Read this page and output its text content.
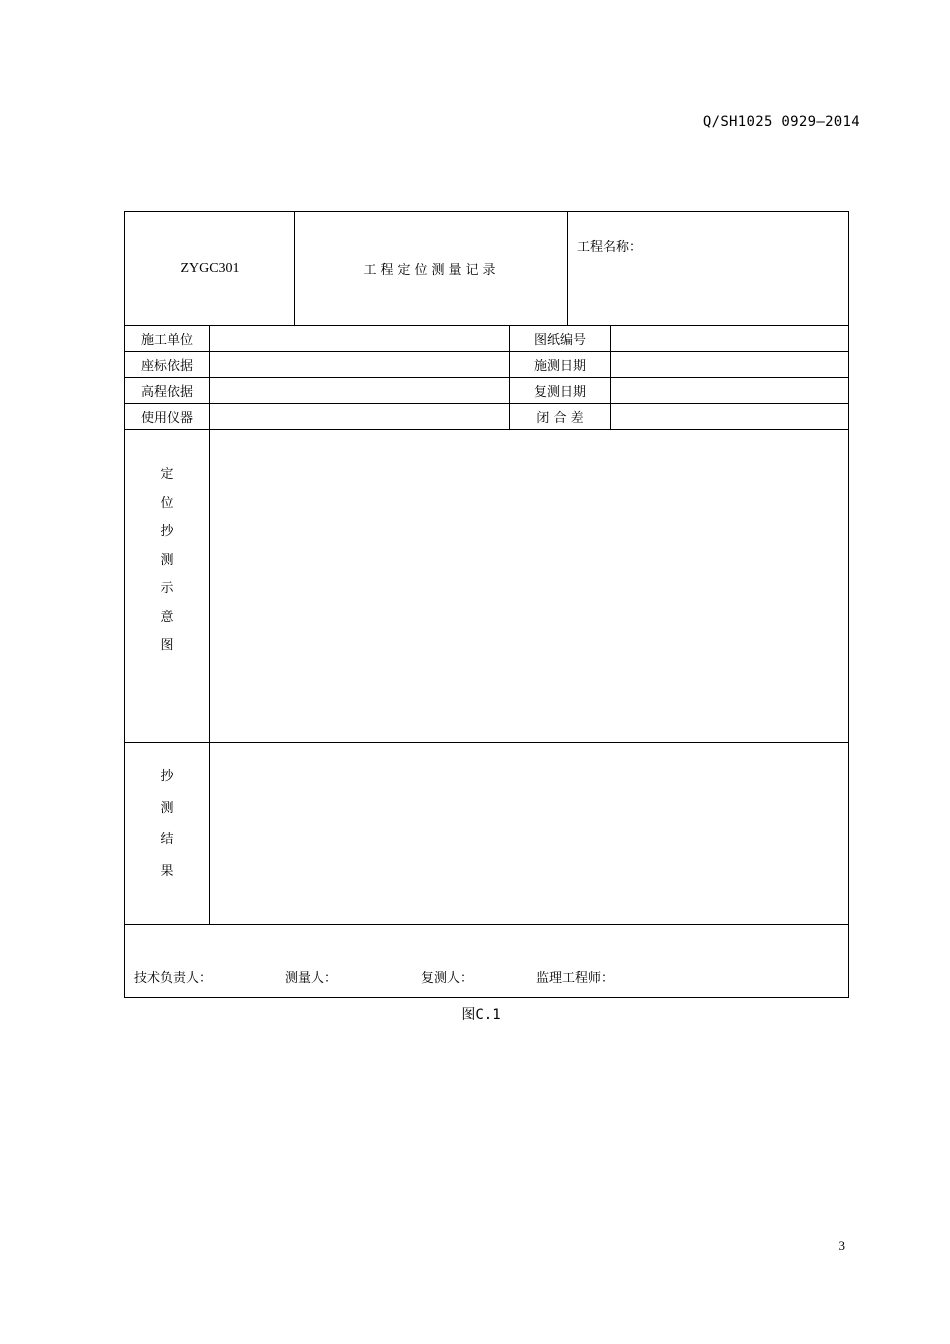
Q/SH1025 0929—2014
ZYGC301	工程定位测量记录
工程名称：
施工单位	图纸编号
座标依据	施测日期
高程依据	复测日期
使用仪器	闭 合 差
定
位
抄
测
示
意
图
抄
测
结
果
技术负责人：	测量人：	复测人：	监理工程师：
图C.1
3
